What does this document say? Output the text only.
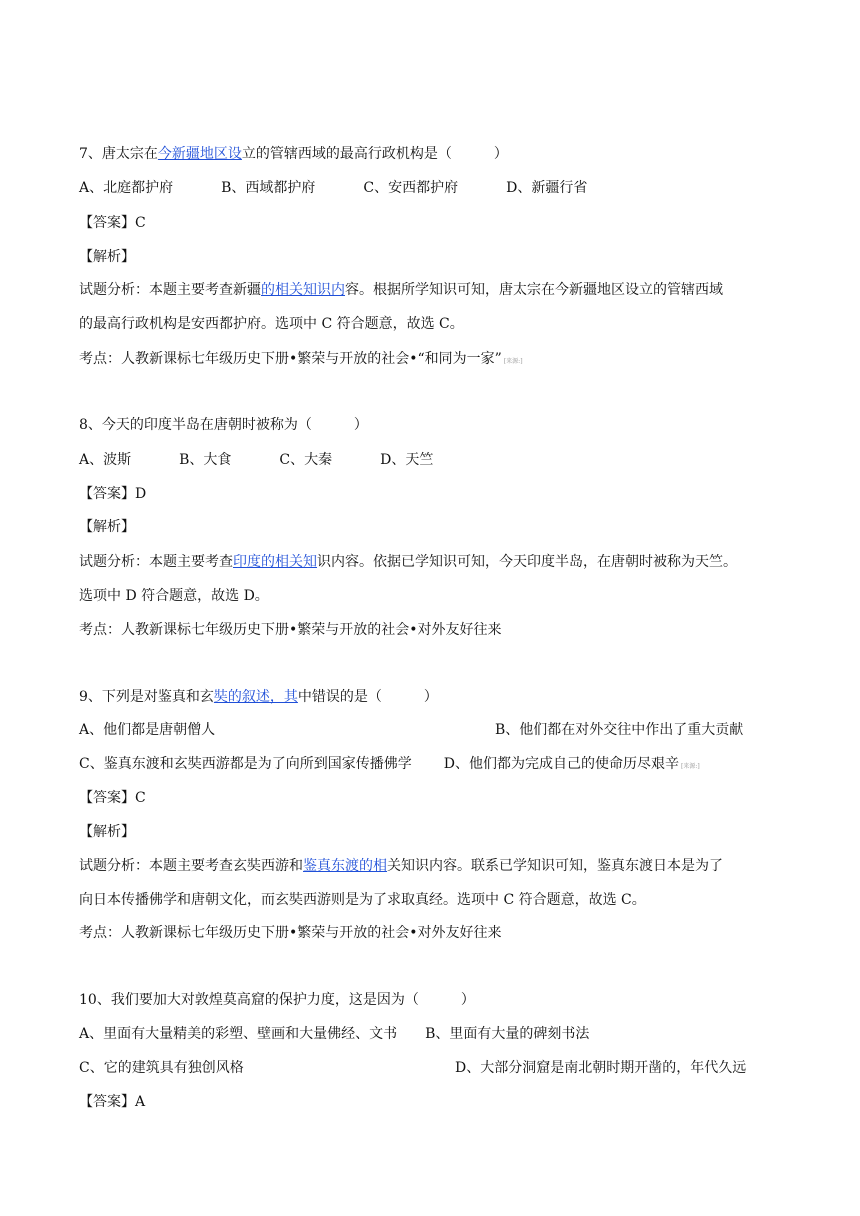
7、唐太宗在今新疆地区设立的管辖西域的最高行政机构是（　　　）
A、北庭都护府	B、西域都护府	C、安西都护府	D、新疆行省
【答案】C
【解析】
试题分析：本题主要考查新疆的相关知识内容。根据所学知识可知，唐太宗在今新疆地区设立的管辖西域
的最高行政机构是安西都护府。选项中 C 符合题意，故选 C。
考点：人教新课标七年级历史下册•繁荣与开放的社会•“和同为一家” [来源:]
8、今天的印度半岛在唐朝时被称为（　　　）
A、波斯	B、大食	C、大秦	D、天竺
【答案】D
【解析】
试题分析：本题主要考查印度的相关知识内容。依据已学知识可知，今天印度半岛，在唐朝时被称为天竺。
选项中 D 符合题意，故选 D。
考点：人教新课标七年级历史下册•繁荣与开放的社会•对外友好往来
9、下列是对鉴真和玄奘的叙述，其中错误的是（　　　）
A、他们都是唐朝僧人	B、他们都在对外交往中作出了重大贡献
C、鉴真东渡和玄奘西游都是为了向所到国家传播佛学 D、他们都为完成自己的使命历尽艰辛 [来源:]
【答案】C
【解析】
试题分析：本题主要考查玄奘西游和鉴真东渡的相关知识内容。联系已学知识可知，鉴真东渡日本是为了
向日本传播佛学和唐朝文化，而玄奘西游则是为了求取真经。选项中 C 符合题意，故选 C。
考点：人教新课标七年级历史下册•繁荣与开放的社会•对外友好往来
10、我们要加大对敦煌莫高窟的保护力度，这是因为（　　　）
A、里面有大量精美的彩塑、壁画和大量佛经、文书 B、里面有大量的碑刻书法
C、它的建筑具有独创风格	D、大部分洞窟是南北朝时期开凿的，年代久远
【答案】A
